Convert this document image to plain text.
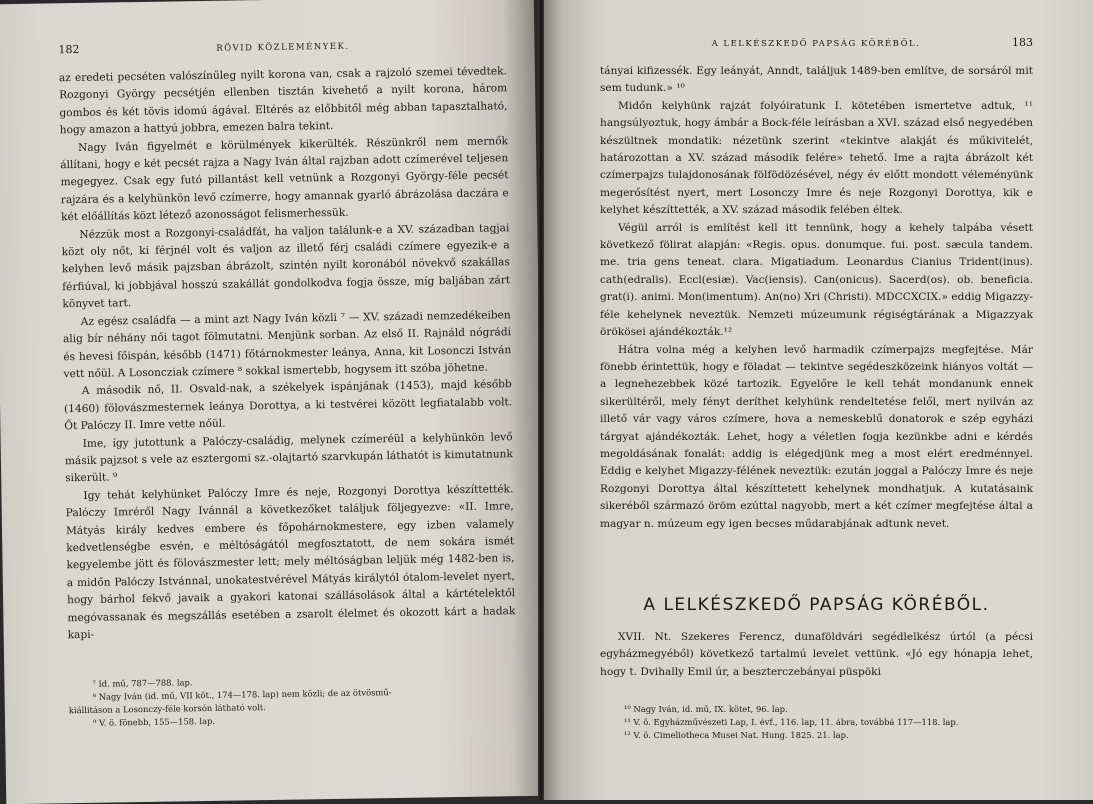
182	RÖVID KÖZLEMÉNYEK.

az eredeti pecséten valószínűleg nyilt korona van, csak a rajzoló szemei tévedtek. Rozgonyi György pecsétjén ellenben tisztán kivehető a nyilt korona, három gombos és két tövis idomú ágával. Eltérés az előbbitől még abban tapasztalható, hogy amazon a hattyú jobbra, emezen balra tekint.

Nagy Iván figyelmét e körülmények kikerülték. Részünkről nem mernők állítani, hogy e két pecsét rajza a Nagy Iván által rajzban adott czímerével teljesen megegyez. Csak egy futó pillantást kell vetnünk a Rozgonyi György-féle pecsét rajzára és a kelyhünkön levő czímerre, hogy amannak gyarló ábrázolása daczára e két előállítás közt létező azonosságot felismerhessük.

Nézzük most a Rozgonyi-családfát, ha valjon találunk-e a XV. században tagjai közt oly nőt, ki férjnél volt és valjon az illető férj családi czímere egyezik-e a kelyhen levő másik pajzsban ábrázolt, szintén nyilt koronából növekvő szakállas férfiúval, ki jobbjával hosszú szakállát gondolkodva fogja össze, míg baljában zárt könyvet tart.

Az egész családfa — a mint azt Nagy Iván közli ⁷ — XV. századi nemzedékeiben alig bír néhány női tagot fölmutatni. Menjünk sorban. Az első II. Rajnáld nógrádi és hevesi főispán, később (1471) főtárnokmester leánya, Anna, kit Losonczi István vett nőül. A Losoncziak czímere ⁸ sokkal ismertebb, hogysem itt szóba jöhetne.

A második nő, II. Osvald-nak, a székelyek ispánjának (1453), majd később (1460) fölovászmesternek leánya Dorottya, a ki testvérei között legfiatalabb volt. Őt Palóczy II. Imre vette nőül.

Ime, így jutottunk a Palóczy-családig, melynek czímeréül a kelyhünkön levő másik pajzsot s vele az esztergomi sz.-olajtartó szarvkupán láthatót is kimutatnunk sikerült. ⁹

Igy tehát kelyhünket Palóczy Imre és neje, Rozgonyi Dorottya készíttették. Palóczy Imréről Nagy Ivánnál a következőket találjuk följegyezve: «II. Imre, Mátyás király kedves embere és főpohárnokmestere, egy izben valamely kedvetlenségbe esvén, e méltóságától megfosztatott, de nem sokára ismét kegyelembe jött és fölovászmester lett; mely méltóságban leljük még 1482-ben is, a midőn Palóczy Istvánnal, unokatestvérével Mátyás királytól ótalom-levelet nyert, hogy bárhol fekvő javaik a gyakori katonai szállásolások által a kártételektől megóvassanak és megszállás esetében a zsarolt élelmet és okozott kárt a hadak kapi-

⁷ Id. mű, 787—788. lap.
⁸ Nagy Iván (id. mű, VII köt., 174—178. lap) nem közli; de az ötvösmű-
kiállitáson a Losonczy-féle korsón látható volt.
⁹ V. ö. fönebb, 155—158. lap.
A LELKÉSZKEDŐ PAPSÁG KÖRÉBŐL.	183

tányai kifizessék. Egy leányát, Anndt, találjuk 1489-ben említve, de sorsáról mit sem tudunk.» ¹⁰

Midőn kelyhünk rajzát folyóiratunk I. kötetében ismertetve adtuk, ¹¹ hangsúlyoztuk, hogy ámbár a Bock-féle leírásban a XVI. század első negyedében készültnek mondatik: nézetünk szerint «tekintve alakját és műkivitelét, határozottan a XV. század második felére» tehető. Ime a rajta ábrázolt két czímerpajzs tulajdonosának fölfödözésével, négy év előtt mondott véleményünk megerősítést nyert, mert Losonczy Imre és neje Rozgonyi Dorottya, kik e kelyhet készíttették, a XV. század második felében éltek.

Végül arról is említést kell itt tennünk, hogy a kehely talpába vésett következő fölirat alapján: «Regis. opus. donumque. fui. post. sæcula tandem. me. tria gens teneat. clara. Migatiadum. Leonardus Cianius Trident(inus). cath(edralis). Eccl(esiæ). Vac(iensis). Can(onicus). Sacerd(os). ob. beneficia. grat(i). animi. Mon(imentum). An(no) Xri (Christi). MDCCXCIX.» eddig Migazzy-féle kehelynek neveztük. Nemzeti múzeumunk régiségtárának a Migazzyak örökösei ajándékozták.¹²

Hátra volna még a kelyhen levő harmadik czímerpajzs megfejtése. Már fönebb érintettük, hogy e föladat — tekintve segédeszközeink hiányos voltát — a legnehezebbek közé tartozik. Egyelőre le kell tehát mondanunk ennek sikerültéről, mely fényt deríthet kelyhünk rendeltetése felől, mert nyilván az illető vár vagy város czímere, hova a nemeskeblű donatorok e szép egyházi tárgyat ajándékozták. Lehet, hogy a véletlen fogja kezünkbe adni e kérdés megoldásának fonalát: addig is elégedjünk meg a most elért eredménnyel. Eddig e kelyhet Migazzy-félének neveztük: ezután joggal a Palóczy Imre és neje Rozgonyi Dorottya által készíttetett kehelynek mondhatjuk. A kutatásaink sikeréből származó öröm ezúttal nagyobb, mert a két czímer megfejtése által a magyar n. múzeum egy igen becses műdarabjának adtunk nevet.

A LELKÉSZKEDŐ PAPSÁG KÖRÉBŐL.

XVII. Nt. Szekeres Ferencz, dunaföldvári segédlelkész úrtól (a pécsi egyházmegyéből) következő tartalmú levelet vettünk. «Jó egy hónapja lehet, hogy t. Dvihally Emil úr, a beszterczebányai püspöki

¹⁰ Nagy Iván, id. mű, IX. kötet, 96. lap.
¹¹ V. ö. Egyházművészeti Lap, I. évf., 116. lap, 11. ábra, továbbá 117—118. lap.
¹² V. ö. Cimeliotheca Musei Nat. Hung. 1825. 21. lap.
